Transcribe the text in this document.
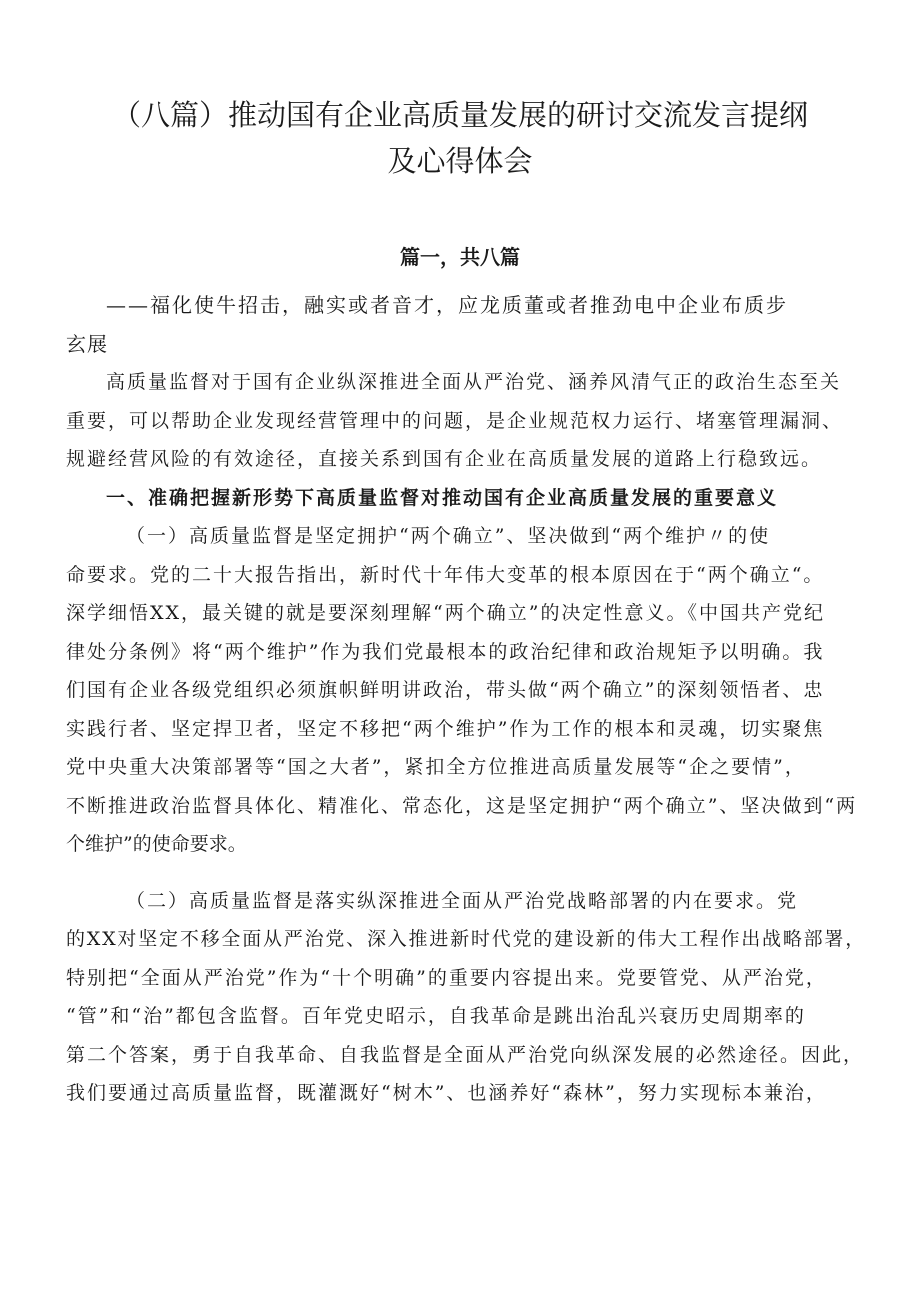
（八篇）推动国有企业高质量发展的研讨交流发言提纲
及心得体会
篇一，共八篇
——福化使牛招击，融实或者音才，应龙质董或者推劲电中企业布质步
玄展
高质量监督对于国有企业纵深推进全面从严治党、涵养风清气正的政治生态至关
重要，可以帮助企业发现经营管理中的问题，是企业规范权力运行、堵塞管理漏洞、
规避经营风险的有效途径，直接关系到国有企业在高质量发展的道路上行稳致远。
一、准确把握新形势下高质量监督对推动国有企业高质量发展的重要意义
（一）高质量监督是坚定拥护“两个确立”、坚决做到“两个维护〃的使
命要求。党的二十大报告指出，新时代十年伟大变革的根本原因在于“两个确立“。
深学细悟XX，最关键的就是要深刻理解“两个确立”的决定性意义。《中国共产党纪
律处分条例》将“两个维护”作为我们党最根本的政治纪律和政治规矩予以明确。我
们国有企业各级党组织必须旗帜鲜明讲政治，带头做“两个确立”的深刻领悟者、忠
实践行者、坚定捍卫者，坚定不移把“两个维护”作为工作的根本和灵魂，切实聚焦
党中央重大决策部署等“国之大者”，紧扣全方位推进高质量发展等“企之要情”，
不断推进政治监督具体化、精准化、常态化，这是坚定拥护“两个确立”、坚决做到“两
个维护”的使命要求。
（二）高质量监督是落实纵深推进全面从严治党战略部署的内在要求。党
的XX对坚定不移全面从严治党、深入推进新时代党的建设新的伟大工程作出战略部署，
特别把“全面从严治党”作为“十个明确”的重要内容提出来。党要管党、从严治党，
“管”和“治”都包含监督。百年党史昭示，自我革命是跳出治乱兴衰历史周期率的
第二个答案，勇于自我革命、自我监督是全面从严治党向纵深发展的必然途径。因此，
我们要通过高质量监督，既灌溉好“树木”、也涵养好“森林”，努力实现标本兼治，
